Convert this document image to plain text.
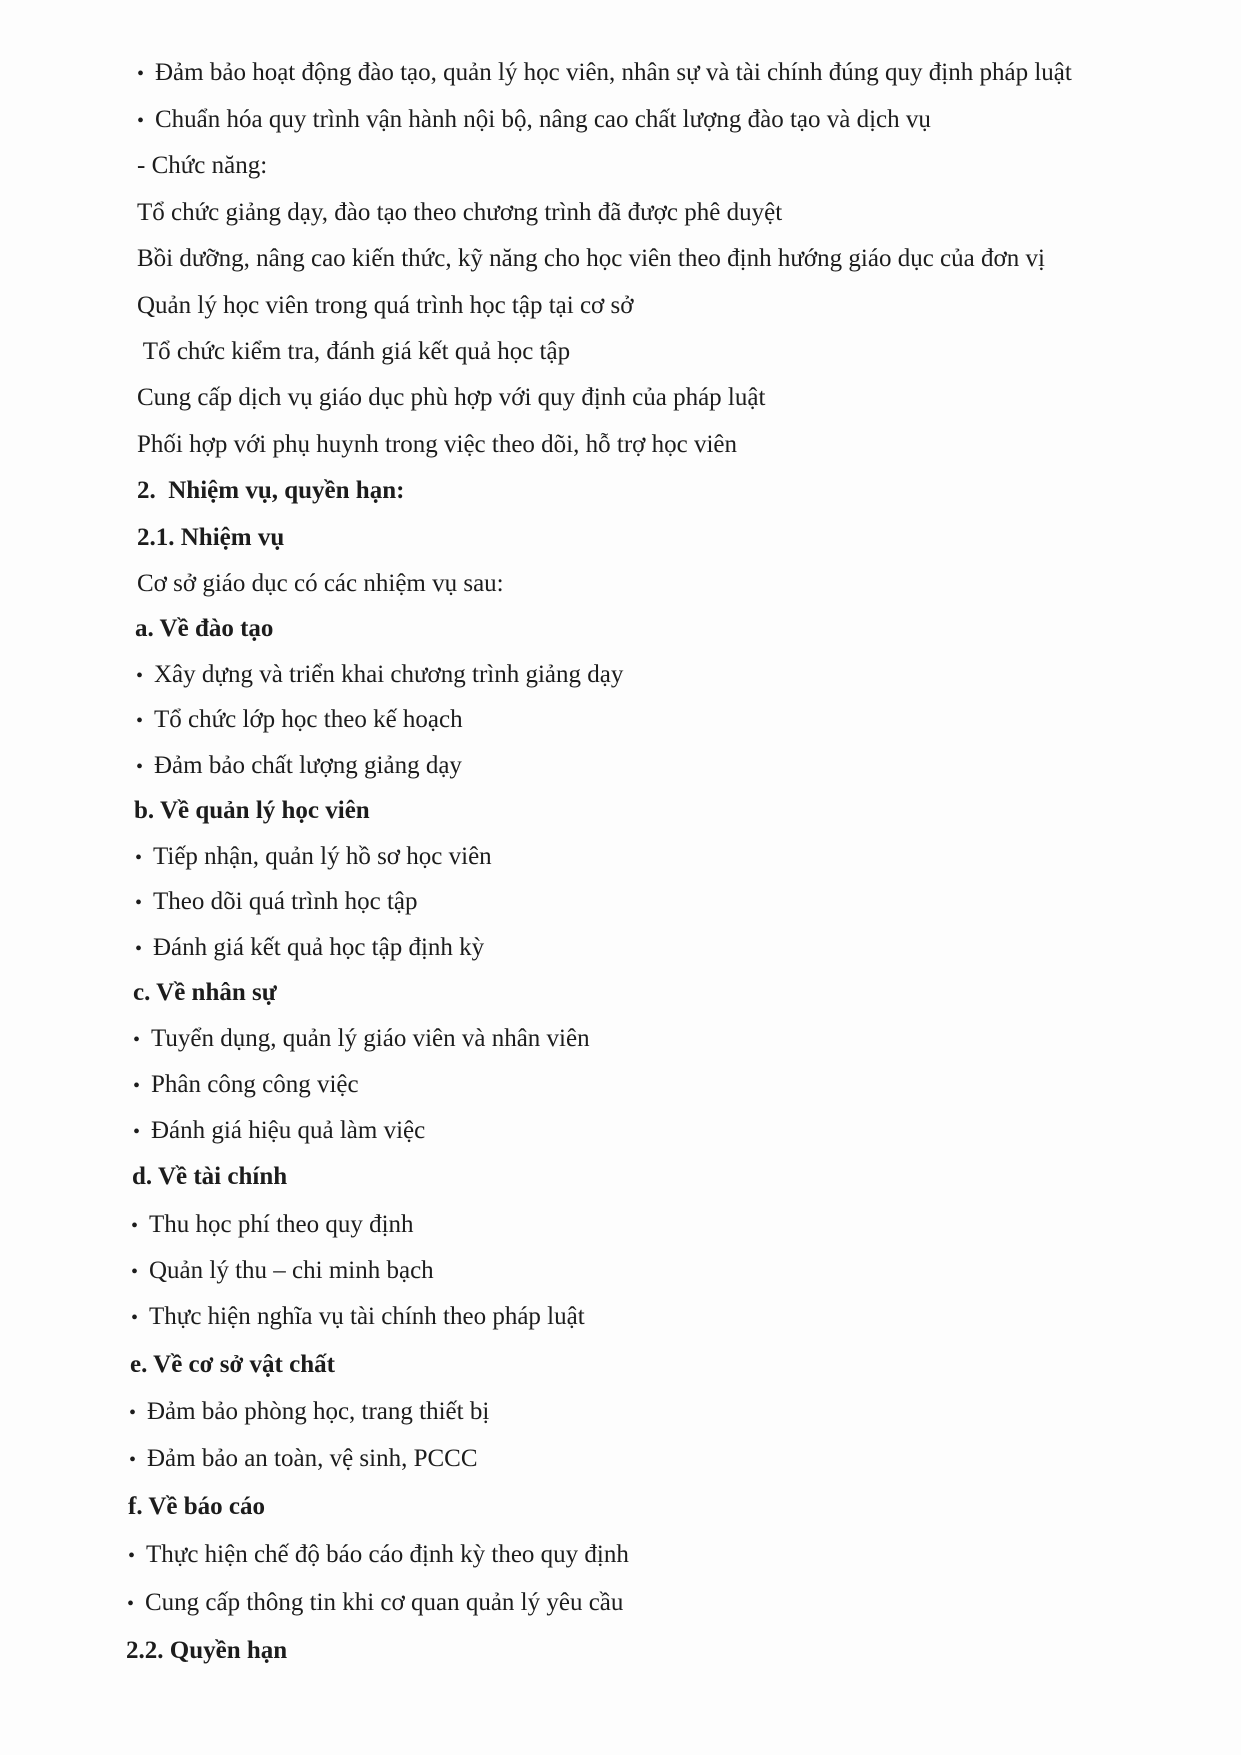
•Đảm bảo hoạt động đào tạo, quản lý học viên, nhân sự và tài chính đúng quy định pháp luật
•Chuẩn hóa quy trình vận hành nội bộ, nâng cao chất lượng đào tạo và dịch vụ
- Chức năng:
Tổ chức giảng dạy, đào tạo theo chương trình đã được phê duyệt
Bồi dưỡng, nâng cao kiến thức, kỹ năng cho học viên theo định hướng giáo dục của đơn vị
Quản lý học viên trong quá trình học tập tại cơ sở
Tổ chức kiểm tra, đánh giá kết quả học tập
Cung cấp dịch vụ giáo dục phù hợp với quy định của pháp luật
Phối hợp với phụ huynh trong việc theo dõi, hỗ trợ học viên
2.  Nhiệm vụ, quyền hạn:
2.1. Nhiệm vụ
Cơ sở giáo dục có các nhiệm vụ sau:
a. Về đào tạo
•Xây dựng và triển khai chương trình giảng dạy
•Tổ chức lớp học theo kế hoạch
•Đảm bảo chất lượng giảng dạy
b. Về quản lý học viên
•Tiếp nhận, quản lý hồ sơ học viên
•Theo dõi quá trình học tập
•Đánh giá kết quả học tập định kỳ
c. Về nhân sự
•Tuyển dụng, quản lý giáo viên và nhân viên
•Phân công công việc
•Đánh giá hiệu quả làm việc
d. Về tài chính
•Thu học phí theo quy định
•Quản lý thu – chi minh bạch
•Thực hiện nghĩa vụ tài chính theo pháp luật
e. Về cơ sở vật chất
•Đảm bảo phòng học, trang thiết bị
•Đảm bảo an toàn, vệ sinh, PCCC
f. Về báo cáo
•Thực hiện chế độ báo cáo định kỳ theo quy định
•Cung cấp thông tin khi cơ quan quản lý yêu cầu
2.2. Quyền hạn
